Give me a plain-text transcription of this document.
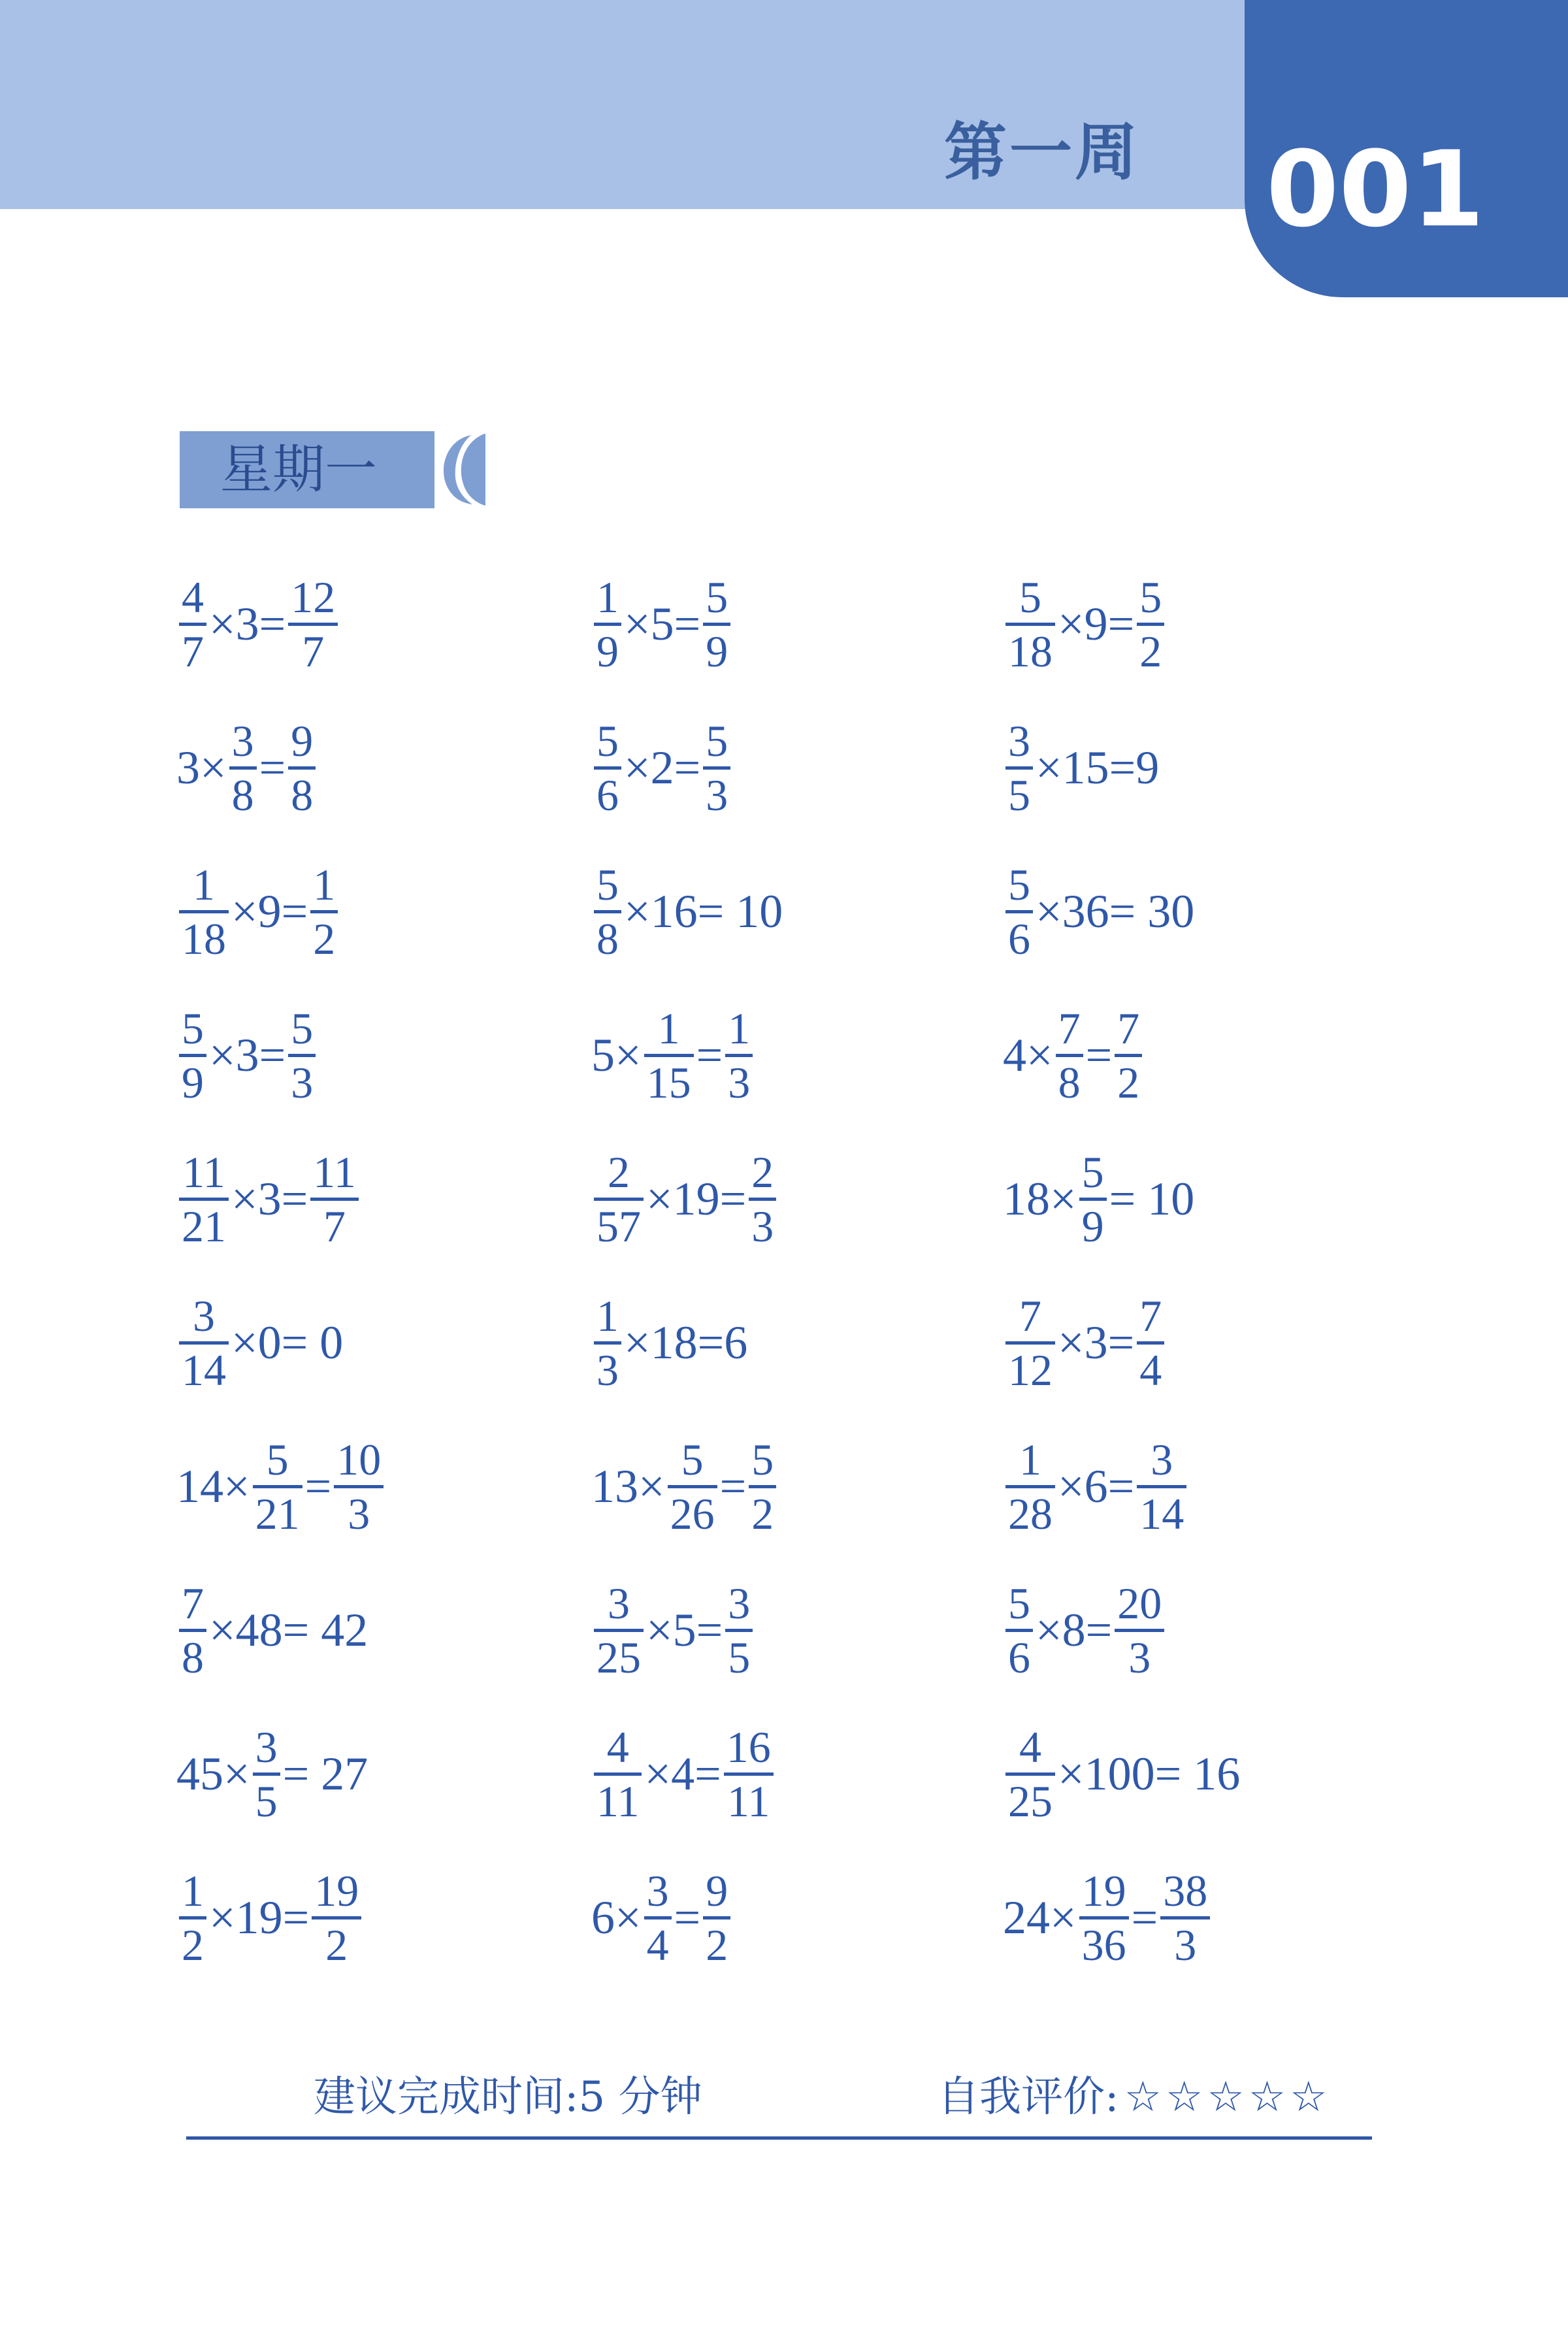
第一周 001
星期一
4
7
×3=
12
7
1
9
×5=
5
9
5
18
×9=
5
2
3×
3
8
=
9
8
5
6
×2=
5
3
3
5
×15=9
1
18
×9=
1
2
5
8
×16= 10
5
6
×36= 30
5
9
×3=
5
3
5×
1
15
=
1
3
4×
7
8
=
7
2
11
21
×3=
11
7
2
57
×19=
2
3
18×
5
9
= 10
3
14
×0= 0
1
3
×18=6
7
12
×3=
7
4
14×
5
21
=
10
3
13×
5
26
=
5
2
1
28
×6=
3
14
7
8
×48= 42
3
25
×5=
3
5
5
6
×8=
20
3
45×
3
5
= 27
4
11
×4=
16
11
4
25
×100= 16
1
2
×19=
19
2
6×
3
4
=
9
2
24×
19
36
=
38
3
建议完成时间:5 分钟	自我评价: ☆☆☆☆☆
